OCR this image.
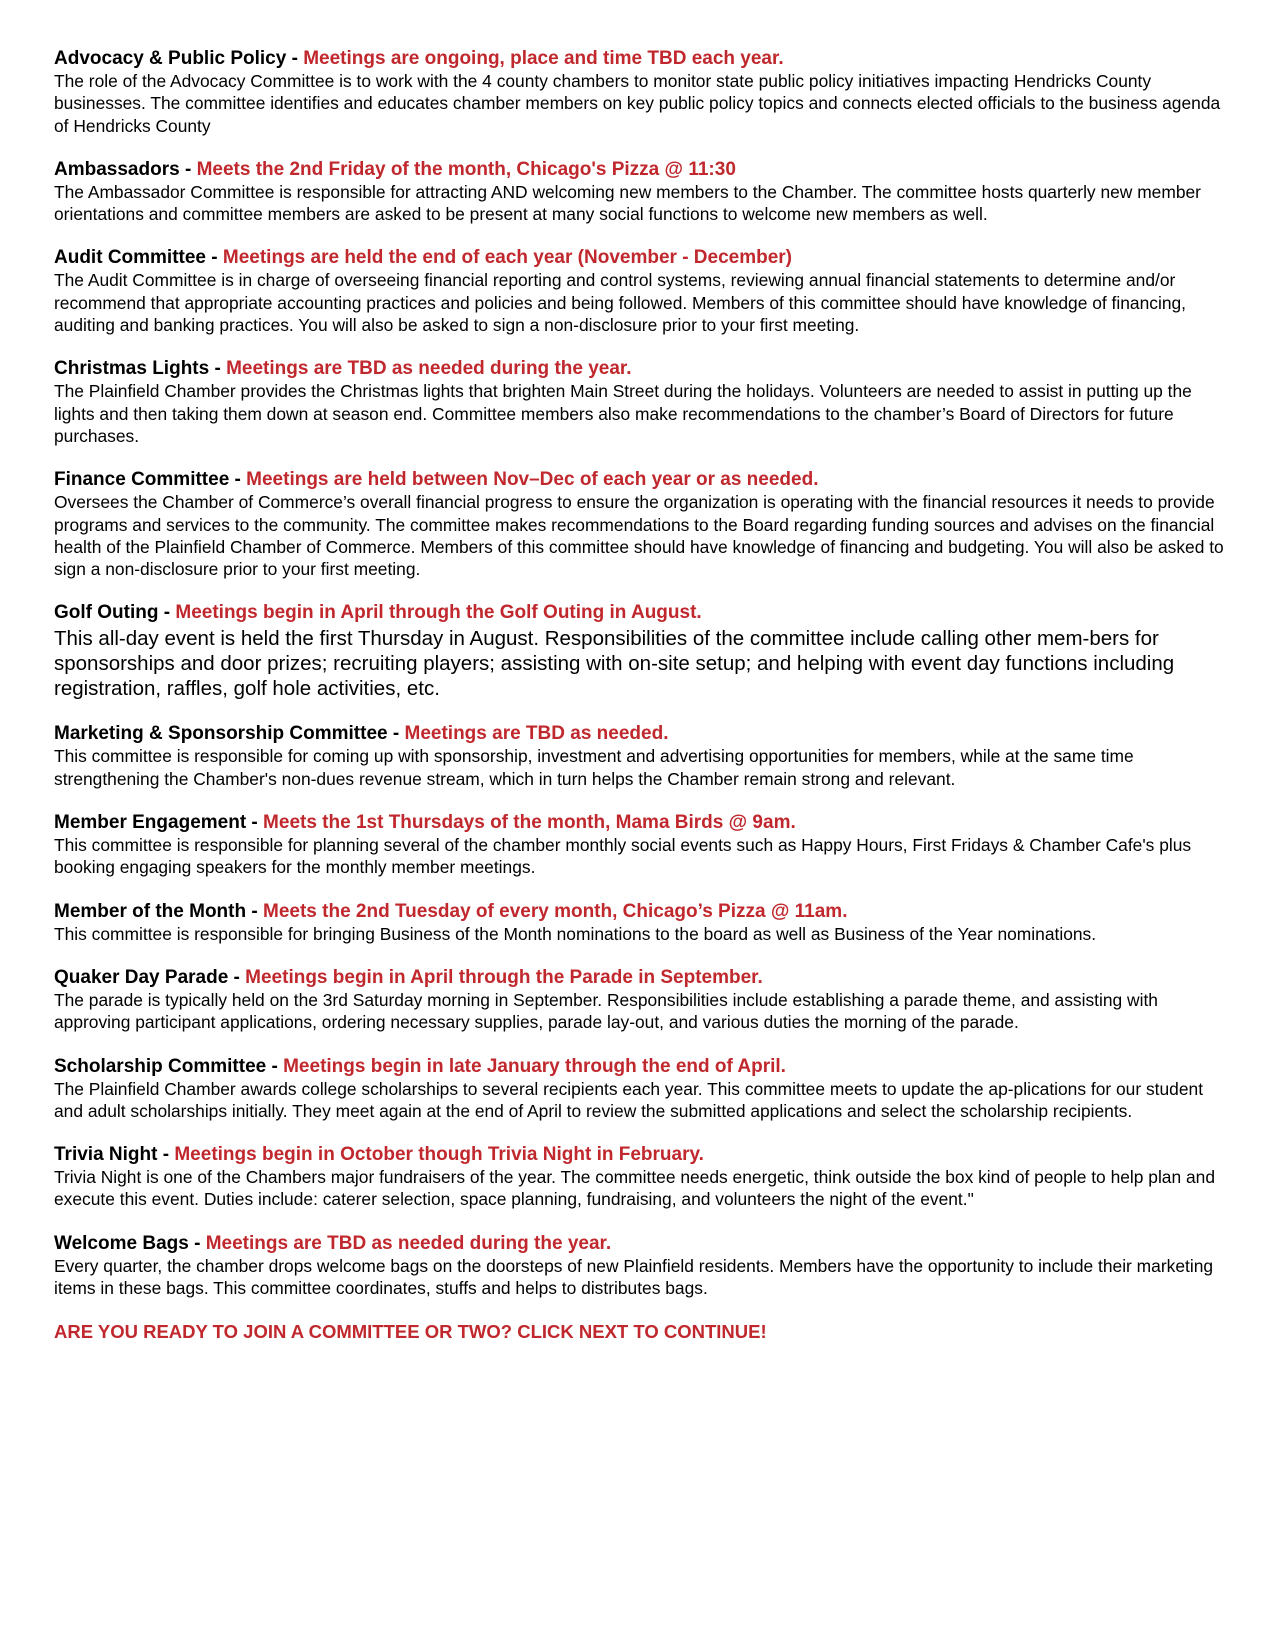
Advocacy & Public Policy - Meetings are ongoing, place and time TBD each year.

The role of the Advocacy Committee is to work with the 4 county chambers to monitor state public policy initiatives impacting Hendricks County businesses. The committee identifies and educates chamber members on key public policy topics and connects elected officials to the business agenda of Hendricks County

Ambassadors - Meets the 2nd Friday of the month, Chicago's Pizza @ 11:30

The Ambassador Committee is responsible for attracting AND welcoming new members to the Chamber. The committee hosts quarterly new member orientations and committee members are asked to be present at many social functions to welcome new members as well.

Audit Committee - Meetings are held the end of each year (November - December)

The Audit Committee is in charge of overseeing financial reporting and control systems, reviewing annual financial statements to determine and/or recommend that appropriate accounting practices and policies and being followed. Members of this committee should have knowledge of financing, auditing and banking practices. You will also be asked to sign a non-disclosure prior to your first meeting.

Christmas Lights - Meetings are TBD as needed during the year.

The Plainfield Chamber provides the Christmas lights that brighten Main Street during the holidays. Volunteers are needed to assist in putting up the lights and then taking them down at season end. Committee members also make recommendations to the chamber’s Board of Directors for future purchases.

Finance Committee - Meetings are held between Nov–Dec of each year or as needed.

Oversees the Chamber of Commerce’s overall financial progress to ensure the organization is operating with the financial resources it needs to provide programs and services to the community. The committee makes recommendations to the Board regarding funding sources and advises on the financial health of the Plainfield Chamber of Commerce. Members of this committee should have knowledge of financing and budgeting. You will also be asked to sign a non-disclosure prior to your first meeting.

Golf Outing - Meetings begin in April through the Golf Outing in August.

This all-day event is held the first Thursday in August. Responsibilities of the committee include calling other mem-bers for sponsorships and door prizes; recruiting players; assisting with on-site setup; and helping with event day functions including registration, raffles, golf hole activities, etc.

Marketing & Sponsorship Committee - Meetings are TBD as needed.

This committee is responsible for coming up with sponsorship, investment and advertising opportunities for members, while at the same time strengthening the Chamber's non-dues revenue stream, which in turn helps the Chamber remain strong and relevant.

Member Engagement - Meets the 1st Thursdays of the month, Mama Birds @ 9am.

This committee is responsible for planning several of the chamber monthly social events such as Happy Hours, First Fridays & Chamber Cafe's plus booking engaging speakers for the monthly member meetings.

Member of the Month - Meets the 2nd Tuesday of every month, Chicago’s Pizza @ 11am.

This committee is responsible for bringing Business of the Month nominations to the board as well as Business of the Year nominations.

Quaker Day Parade - Meetings begin in April through the Parade in September.

The parade is typically held on the 3rd Saturday morning in September. Responsibilities include establishing a parade theme, and assisting with approving participant applications, ordering necessary supplies, parade lay-out, and various duties the morning of the parade.

Scholarship Committee - Meetings begin in late January through the end of April.

The Plainfield Chamber awards college scholarships to several recipients each year. This committee meets to update the ap-plications for our student and adult scholarships initially. They meet again at the end of April to review the submitted applications and select the scholarship recipients.

Trivia Night - Meetings begin in October though Trivia Night in February.

Trivia Night is one of the Chambers major fundraisers of the year. The committee needs energetic, think outside the box kind of people to help plan and execute this event. Duties include: caterer selection, space planning, fundraising, and volunteers the night of the event."

Welcome Bags - Meetings are TBD as needed during the year.

Every quarter, the chamber drops welcome bags on the doorsteps of new Plainfield residents. Members have the opportunity to include their marketing items in these bags. This committee coordinates, stuffs and helps to distributes bags.

ARE YOU READY TO JOIN A COMMITTEE OR TWO? CLICK NEXT TO CONTINUE!
